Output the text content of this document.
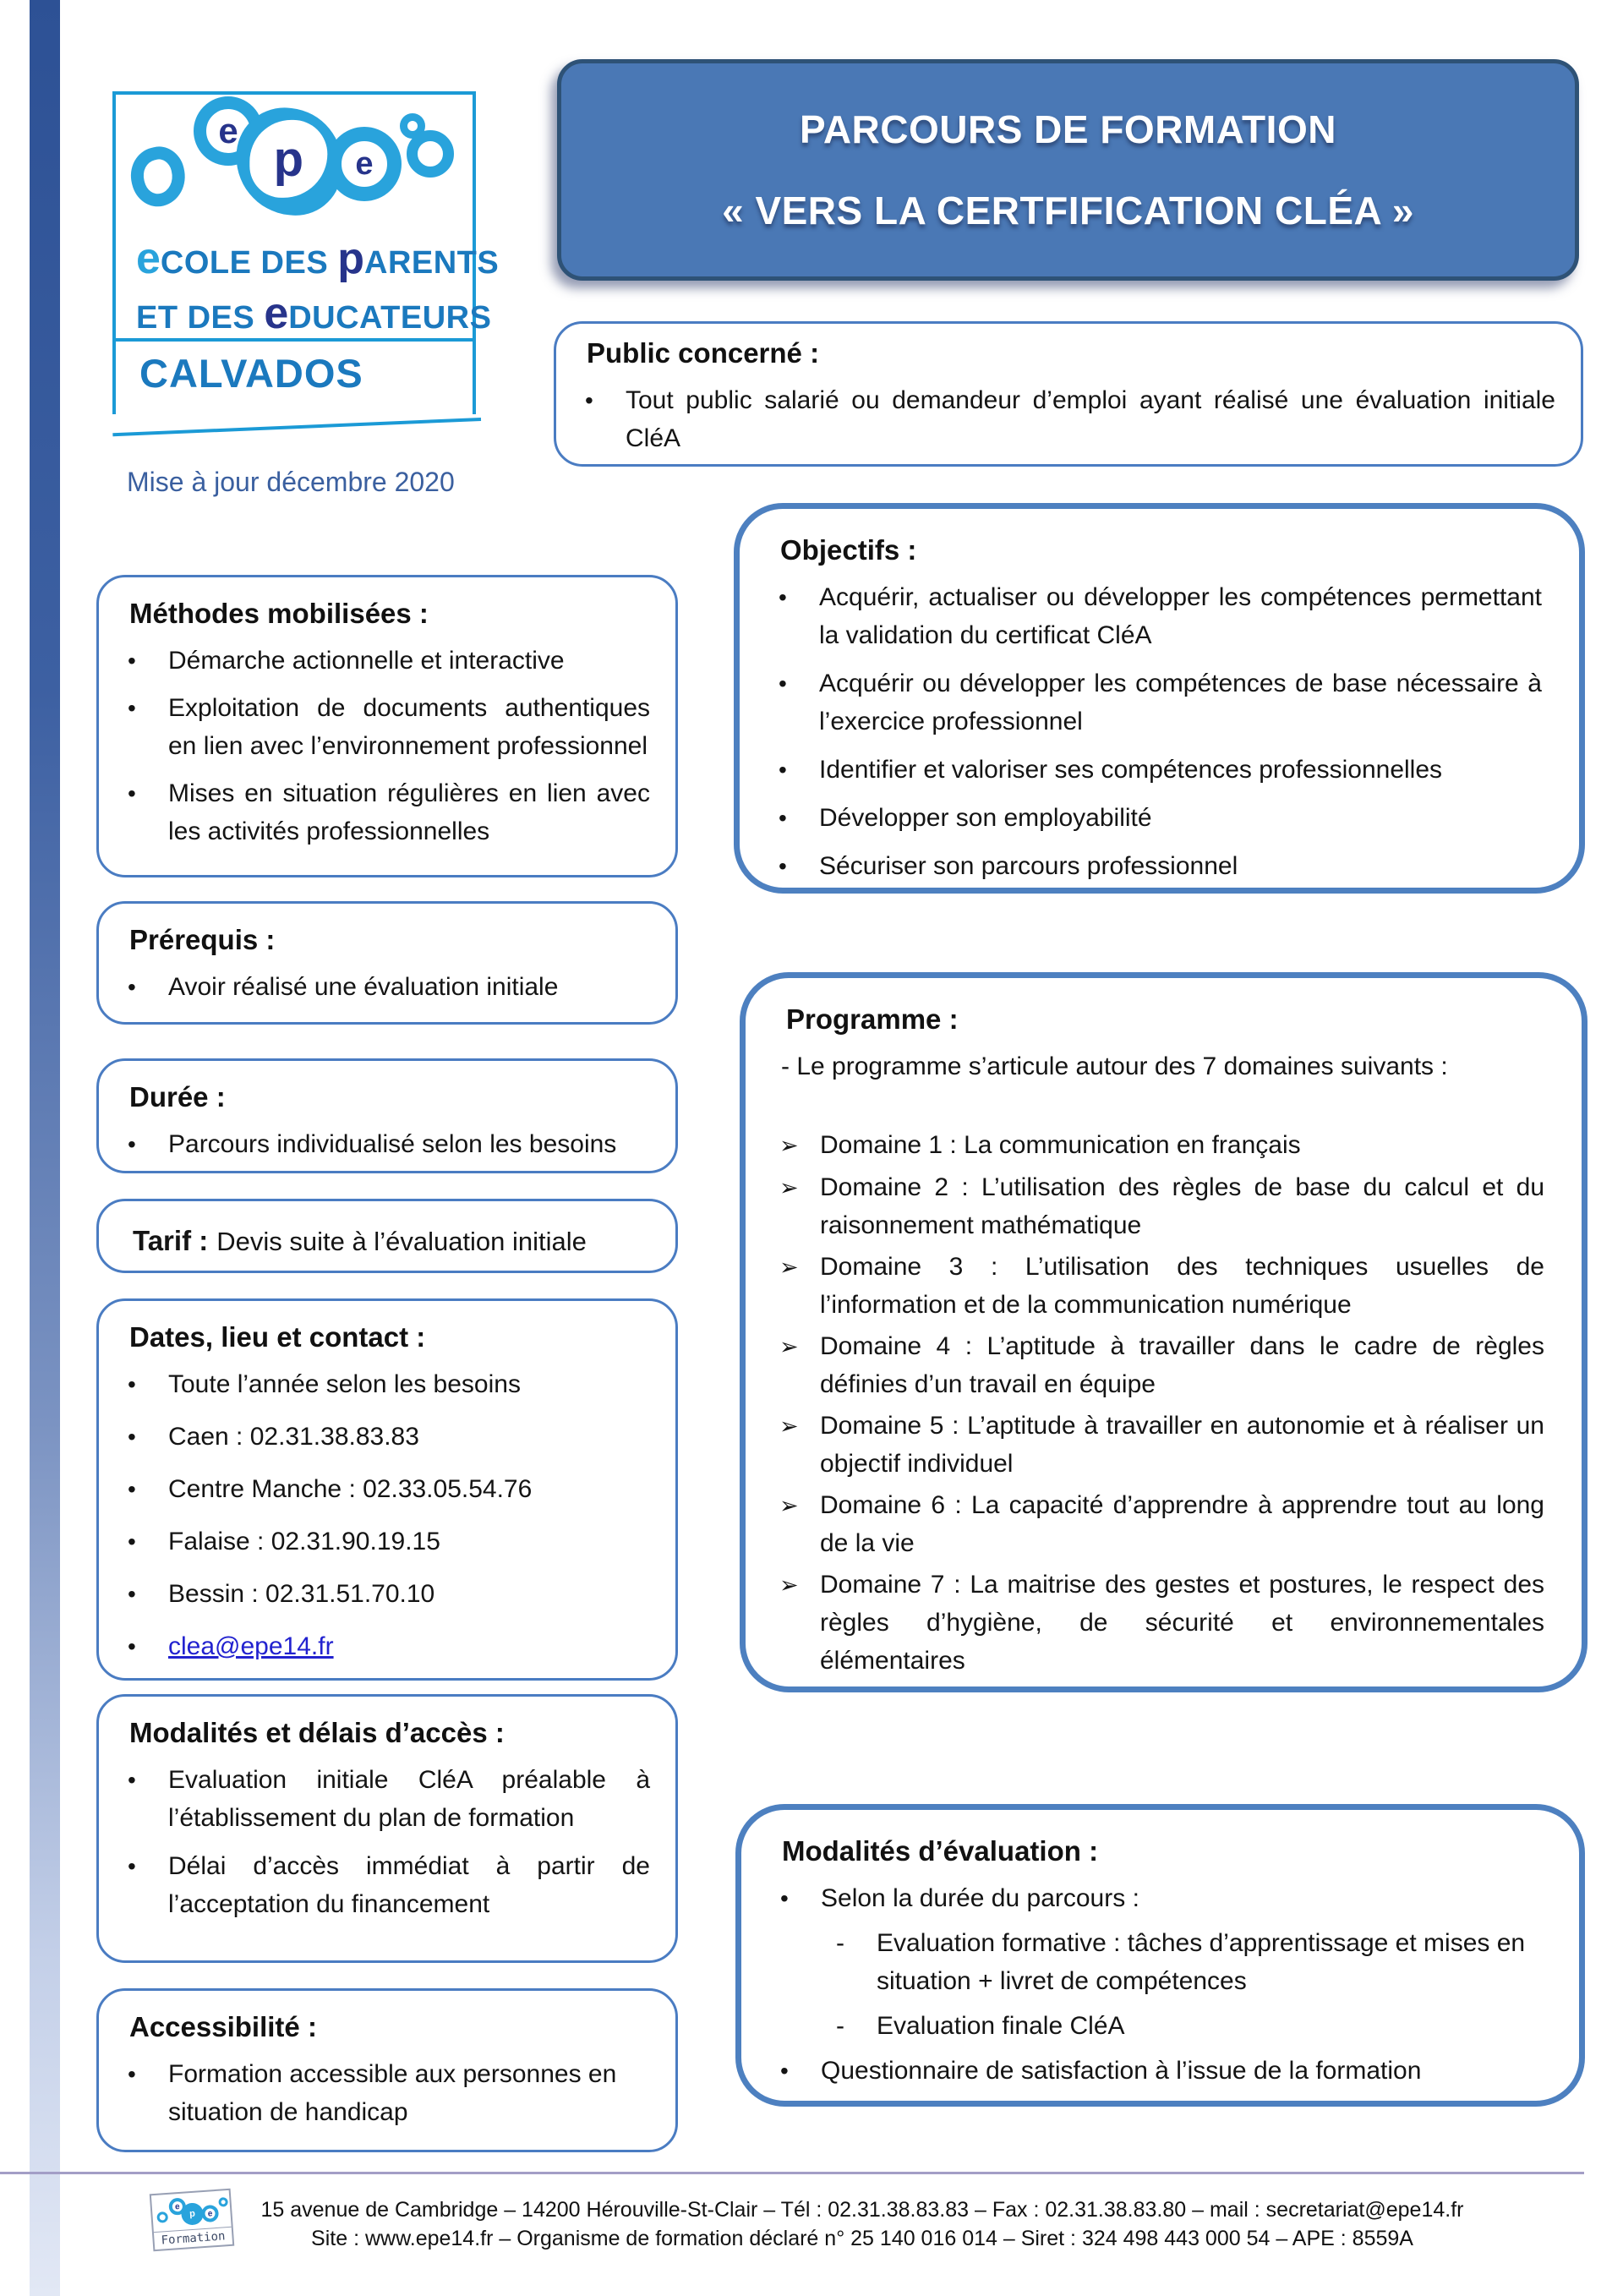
e
p	e
eCOLE DES pARENTS
ET DES eDUCATEURS
CALVADOS
Mise à jour décembre 2020
PARCOURS DE FORMATION
« VERS LA CERTFIFICATION CLÉA »
Public concerné :
•	Tout public salarié ou demandeur d’emploi ayant réalisé une évaluation initiale CléA
Méthodes mobilisées :
•	Démarche actionnelle et interactive
•	Exploitation de documents authentiques en lien avec l’environnement professionnel
•	Mises en situation régulières en lien avec les activités professionnelles
Objectifs :
•	Acquérir, actualiser ou développer les compétences permettant la validation du certificat CléA
•	Acquérir ou développer les compétences de base nécessaire à l’exercice professionnel
•	Identifier et valoriser ses compétences professionnelles
•	Développer son employabilité
•	Sécuriser son parcours professionnel
Prérequis :
•	Avoir réalisé une évaluation initiale
Durée :
•	Parcours individualisé selon les besoins
Tarif : Devis suite à l’évaluation initiale
Programme :
- Le programme s’articule autour des 7 domaines suivants :
➢ Domaine 1 : La communication en français
➢ Domaine 2 : L’utilisation des règles de base du calcul et du raisonnement mathématique
➢ Domaine 3 : L’utilisation des techniques usuelles de l’information et de la communication numérique
➢ Domaine 4 : L’aptitude à travailler dans le cadre de règles définies d’un travail en équipe
➢ Domaine 5 : L’aptitude à travailler en autonomie et à réaliser un objectif individuel
➢ Domaine 6 : La capacité d’apprendre à apprendre tout au long de la vie
➢ Domaine 7 : La maitrise des gestes et postures, le respect des règles d’hygiène, de sécurité et environnementales élémentaires
Dates, lieu et contact :
•	Toute l’année selon les besoins
•	Caen : 02.31.38.83.83
•	Centre Manche : 02.33.05.54.76
•	Falaise : 02.31.90.19.15
•	Bessin : 02.31.51.70.10
•	clea@epe14.fr
Modalités et délais d’accès :
•	Evaluation initiale CléA préalable à l’établissement du plan de formation
•	Délai d’accès immédiat à partir de l’acceptation du financement
Modalités d’évaluation :
•	Selon la durée du parcours :
-	Evaluation formative : tâches d’apprentissage et mises en situation + livret de compétences
-	Evaluation finale CléA
•	Questionnaire de satisfaction à l’issue de la formation
Accessibilité :
•	Formation accessible aux personnes en situation de handicap
e
p e
Formation
15 avenue de Cambridge – 14200 Hérouville-St-Clair – Tél : 02.31.38.83.83 – Fax : 02.31.38.83.80 – mail : secretariat@epe14.fr
Site : www.epe14.fr – Organisme de formation déclaré n° 25 140 016 014 – Siret : 324 498 443 000 54 – APE : 8559A
